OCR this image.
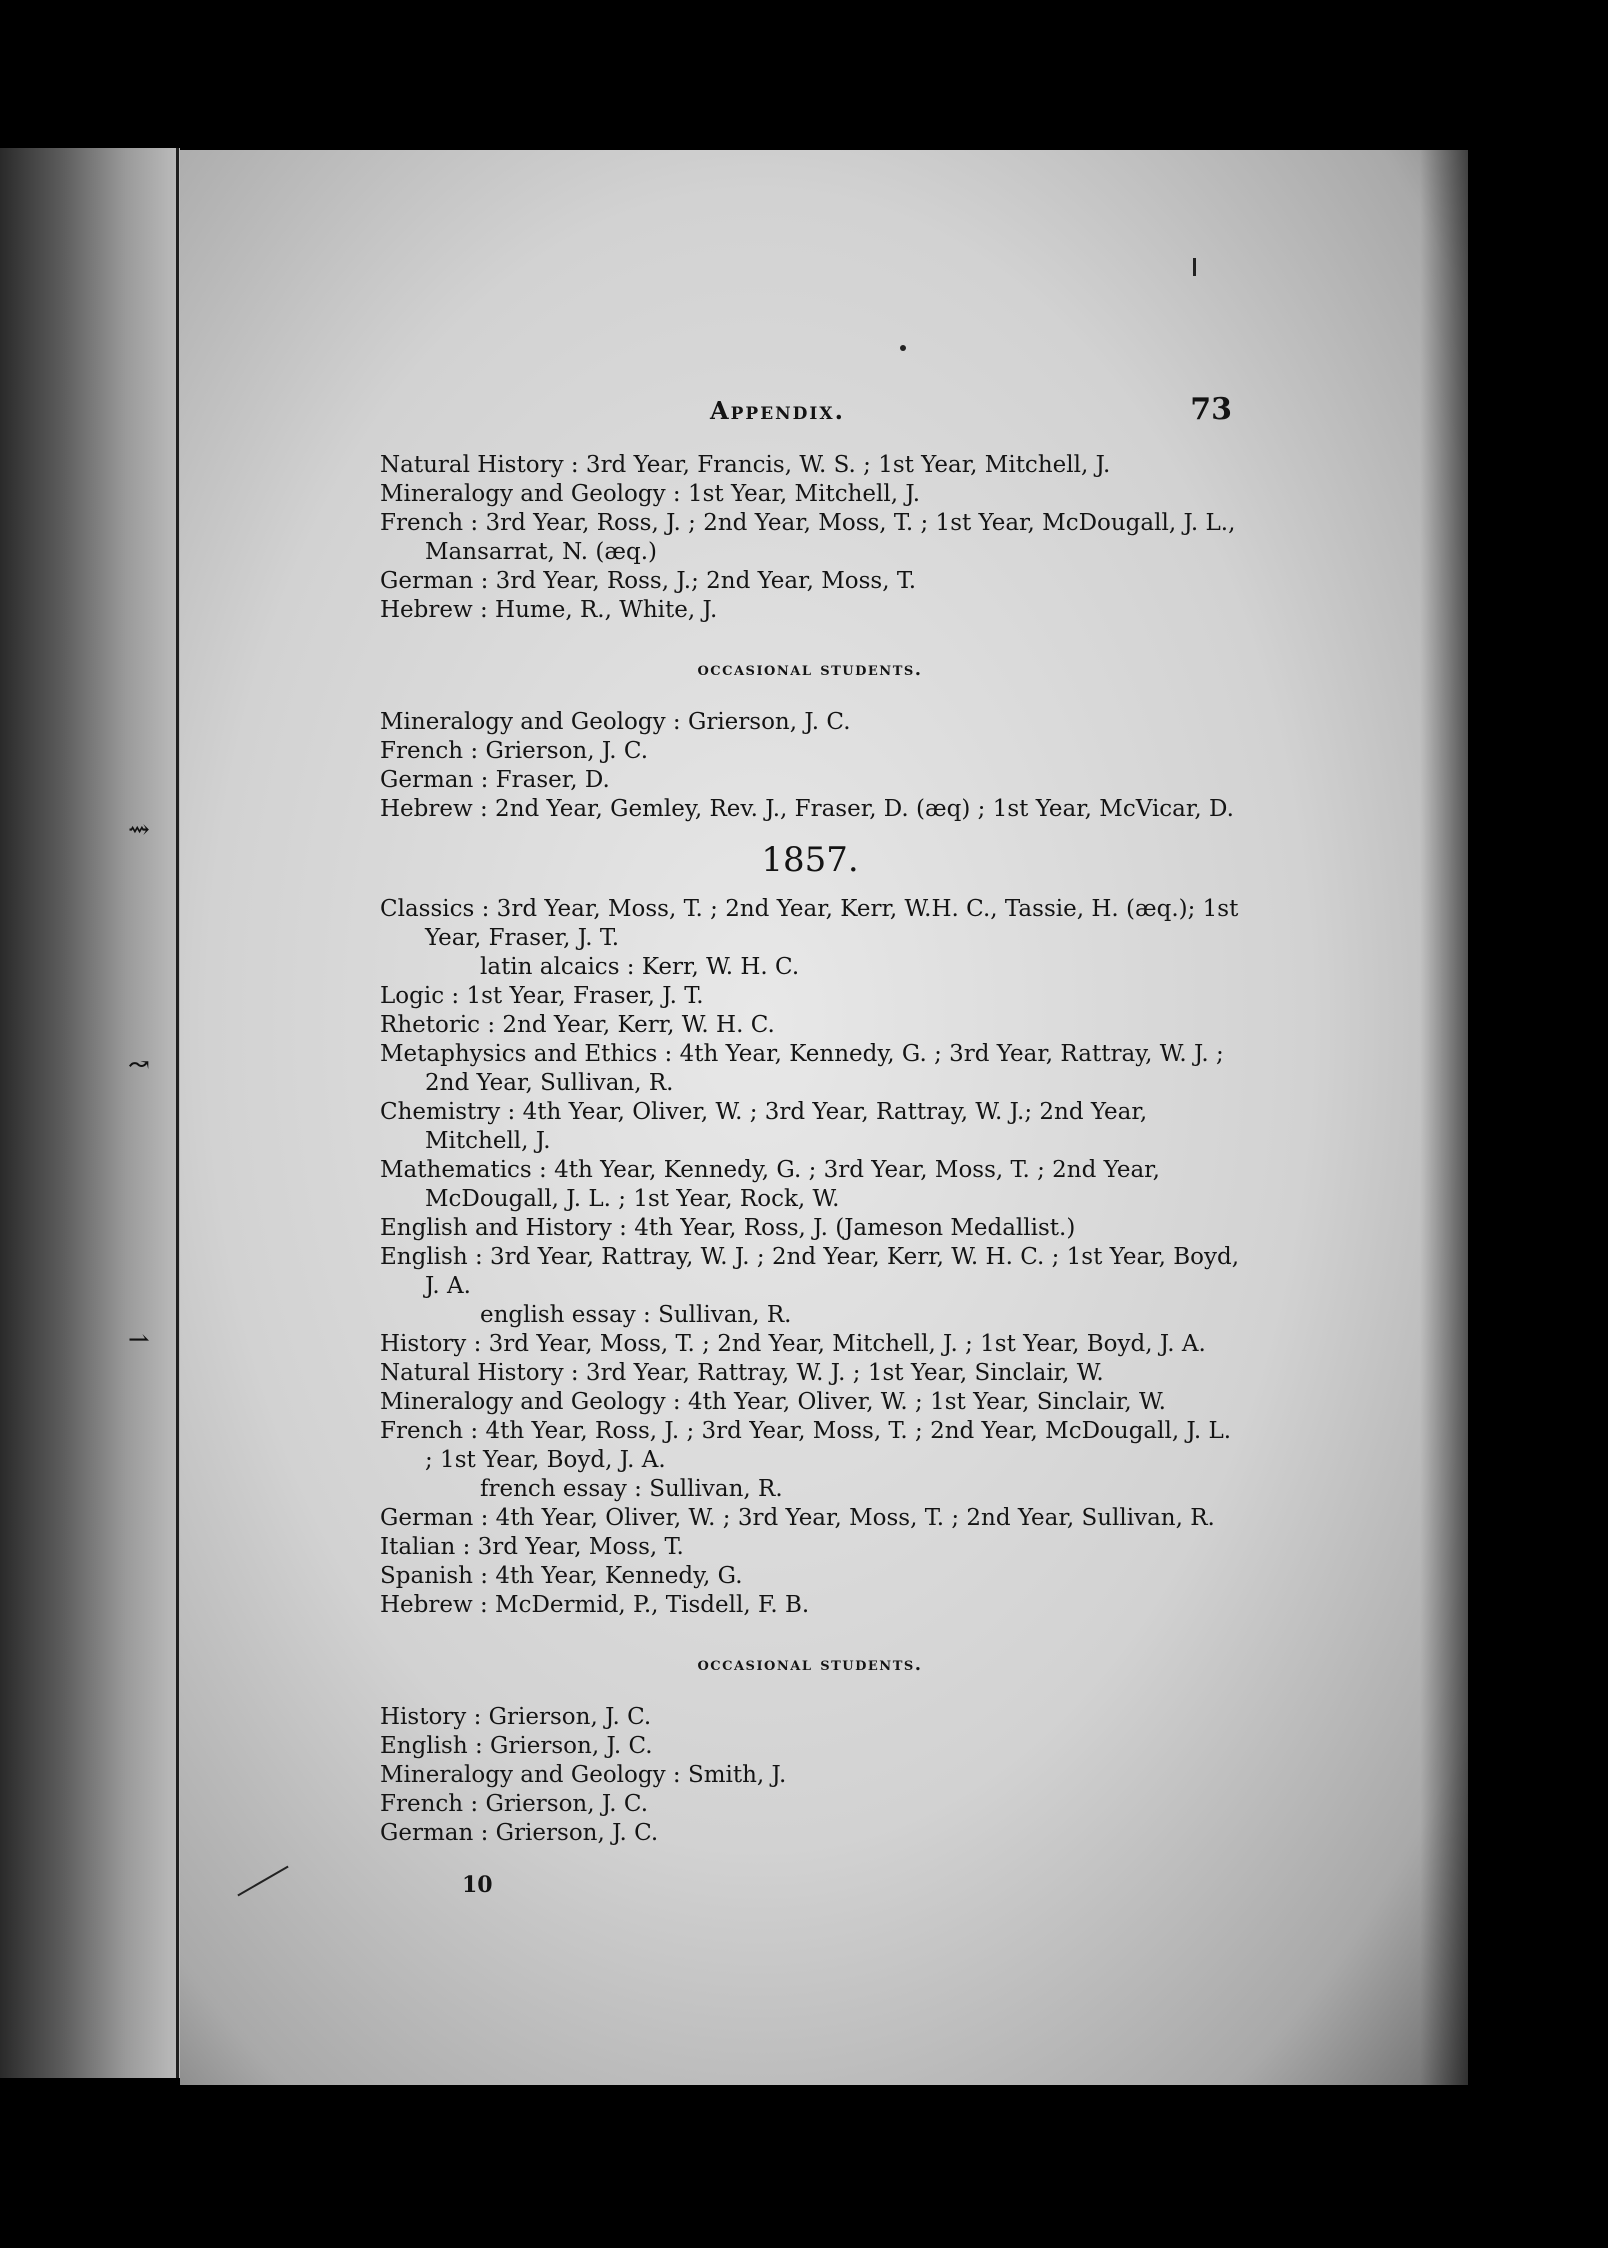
Appendix.	73

Natural History : 3rd Year, Francis, W. S. ; 1st Year, Mitchell, J.

Mineralogy and Geology : 1st Year, Mitchell, J.

French : 3rd Year, Ross, J. ; 2nd Year, Moss, T. ; 1st Year, McDougall, J. L., Mansarrat, N. (æq.)

German : 3rd Year, Ross, J.; 2nd Year, Moss, T.

Hebrew : Hume, R., White, J.

occasional students.

Mineralogy and Geology : Grierson, J. C.

French : Grierson, J. C.

German : Fraser, D.

Hebrew : 2nd Year, Gemley, Rev. J., Fraser, D. (æq) ; 1st Year, McVicar, D.

1857.

Classics : 3rd Year, Moss, T. ; 2nd Year, Kerr, W.H. C., Tassie, H. (æq.); 1st Year, Fraser, J. T.

latin alcaics : Kerr, W. H. C.

Logic : 1st Year, Fraser, J. T.

Rhetoric : 2nd Year, Kerr, W. H. C.

Metaphysics and Ethics : 4th Year, Kennedy, G. ; 3rd Year, Rattray, W. J. ; 2nd Year, Sullivan, R.

Chemistry : 4th Year, Oliver, W. ; 3rd Year, Rattray, W. J.; 2nd Year, Mitchell, J.

Mathematics : 4th Year, Kennedy, G. ; 3rd Year, Moss, T. ; 2nd Year, McDougall, J. L. ; 1st Year, Rock, W.

English and History : 4th Year, Ross, J. (Jameson Medallist.)

English : 3rd Year, Rattray, W. J. ; 2nd Year, Kerr, W. H. C. ; 1st Year, Boyd, J. A.

english essay : Sullivan, R.

History : 3rd Year, Moss, T. ; 2nd Year, Mitchell, J. ; 1st Year, Boyd, J. A.

Natural History : 3rd Year, Rattray, W. J. ; 1st Year, Sinclair, W.

Mineralogy and Geology : 4th Year, Oliver, W. ; 1st Year, Sinclair, W.

French : 4th Year, Ross, J. ; 3rd Year, Moss, T. ; 2nd Year, McDougall, J. L. ; 1st Year, Boyd, J. A.

french essay : Sullivan, R.

German : 4th Year, Oliver, W. ; 3rd Year, Moss, T. ; 2nd Year, Sullivan, R.

Italian : 3rd Year, Moss, T.

Spanish : 4th Year, Kennedy, G.

Hebrew : McDermid, P., Tisdell, F. B.

occasional students.

History : Grierson, J. C.

English : Grierson, J. C.

Mineralogy and Geology : Smith, J.

French : Grierson, J. C.

German : Grierson, J. C.

10
⇝
↝
⇀
